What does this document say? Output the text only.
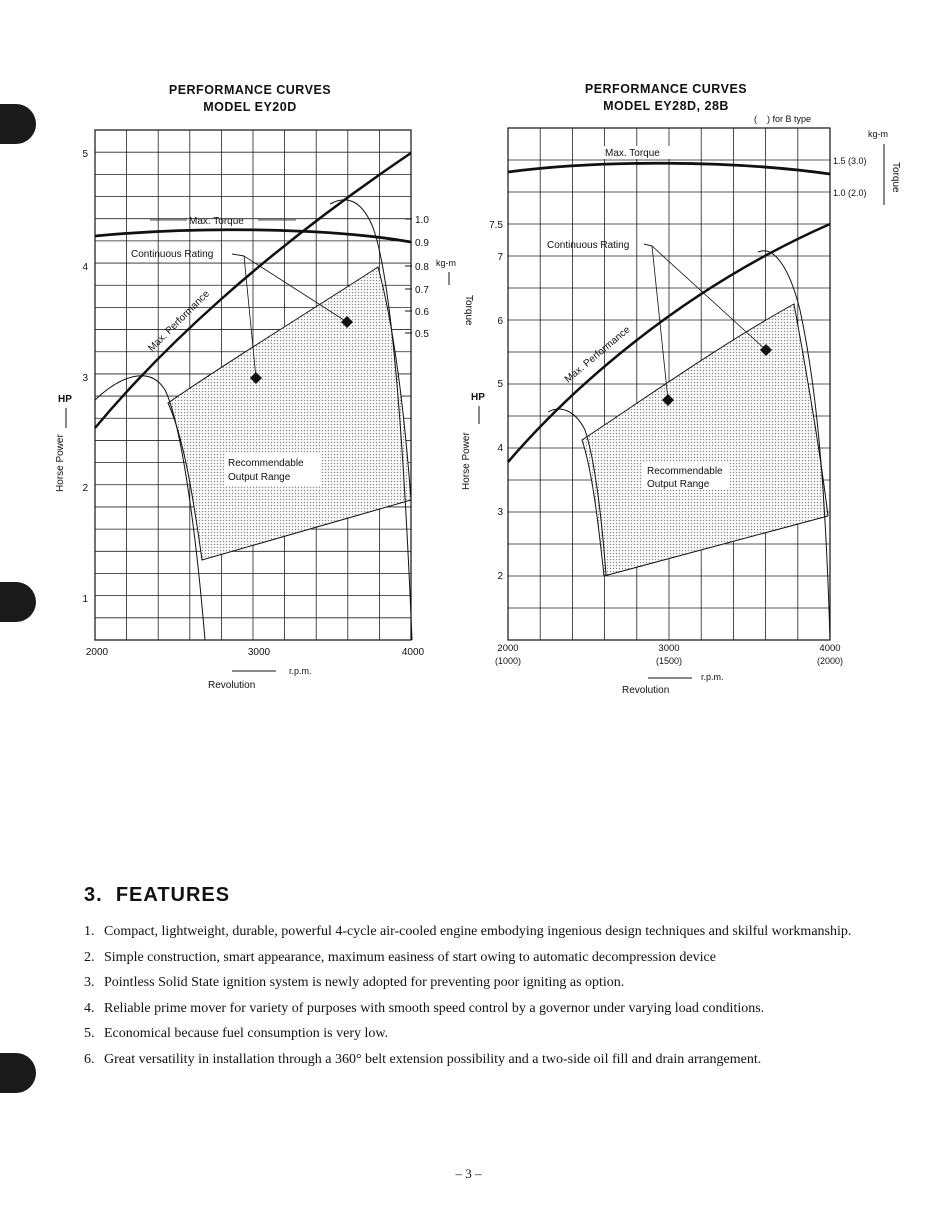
PERFORMANCE CURVES
MODEL EY20D
PERFORMANCE CURVES
MODEL EY28D, 28B
(    ) for B type
Max. Torque
Continuous Rating
Max. Performance
Recommendable
Output Range
1
2
3
4
5
2000	3000	4000
1.0
0.9
0.8
0.7
0.6
0.5
HP
Horse Power
kg-m
Torque
r.p.m.
Revolution
Max. Torque
Continuous Rating
Max. Performance
Recommendable
Output Range
2
3
4
5
6
7
7.5
2000	3000	4000
(1000)	(1500)	(2000)
1.5 (3.0)
1.0 (2.0)
HP
Horse Power
kg-m
Torque
r.p.m.
Revolution
3. FEATURES
1. Compact, lightweight, durable, powerful 4-cycle air-cooled engine embodying ingenious design techniques and skilful workmanship.
2. Simple construction, smart appearance, maximum easiness of start owing to automatic decompression device
3. Pointless Solid State ignition system is newly adopted for preventing poor igniting as option.
4. Reliable prime mover for variety of purposes with smooth speed control by a governor under varying load conditions.
5. Economical because fuel consumption is very low.
6. Great versatility in installation through a 360° belt extension possibility and a two-side oil fill and drain arrangement.
– 3 –
